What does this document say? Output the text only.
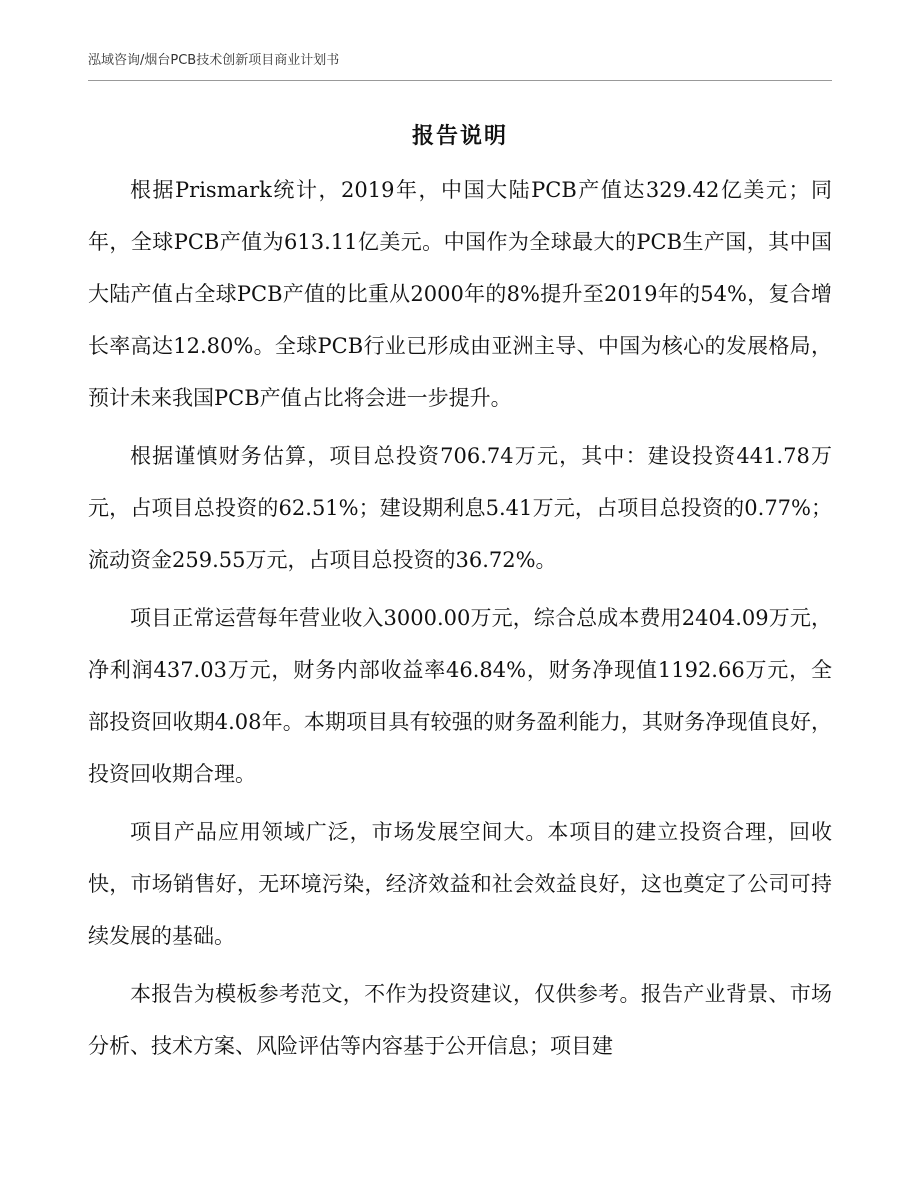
泓域咨询/烟台PCB技术创新项目商业计划书
报告说明

根据Prismark统计，2019年，中国大陆PCB产值达329.42亿美元；同年，全球PCB产值为613.11亿美元。中国作为全球最大的PCB生产国，其中国大陆产值占全球PCB产值的比重从2000年的8%提升至2019年的54%，复合增长率高达12.80%。全球PCB行业已形成由亚洲主导、中国为核心的发展格局，预计未来我国PCB产值占比将会进一步提升。

根据谨慎财务估算，项目总投资706.74万元，其中：建设投资441.78万元，占项目总投资的62.51%；建设期利息5.41万元，占项目总投资的0.77%；流动资金259.55万元，占项目总投资的36.72%。

项目正常运营每年营业收入3000.00万元，综合总成本费用2404.09万元，净利润437.03万元，财务内部收益率46.84%，财务净现值1192.66万元，全部投资回收期4.08年。本期项目具有较强的财务盈利能力，其财务净现值良好，投资回收期合理。

项目产品应用领域广泛，市场发展空间大。本项目的建立投资合理，回收快，市场销售好，无环境污染，经济效益和社会效益良好，这也奠定了公司可持续发展的基础。

本报告为模板参考范文，不作为投资建议，仅供参考。报告产业背景、市场分析、技术方案、风险评估等内容基于公开信息；项目建
